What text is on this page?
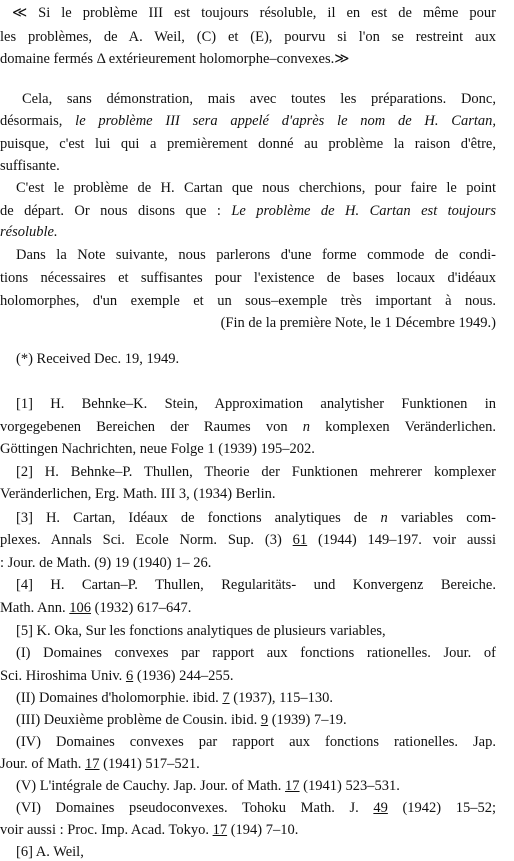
≪ Si le problème III est toujours résoluble, il en est de même pour
les problèmes, de A. Weil, (C) et (E), pourvu si l'on se restreint aux
domaine fermés Δ extérieurement holomorphe–convexes.≫
Cela, sans démonstration, mais avec toutes les préparations. Donc,
désormais, le problème III sera appelé d'après le nom de H. Cartan,
puisque, c'est lui qui a premièrement donné au problème la raison d'être,
suffisante.
C'est le problème de H. Cartan que nous cherchions, pour faire le point
de départ. Or nous disons que : Le problème de H. Cartan est toujours
résoluble.
Dans la Note suivante, nous parlerons d'une forme commode de condi-
tions nécessaires et suffisantes pour l'existence de bases locaux d'idéaux
holomorphes, d'un exemple et un sous–exemple très important à nous.
(Fin de la première Note, le 1 Décembre 1949.)
(*) Received Dec. 19, 1949.
[1] H. Behnke–K. Stein, Approximation analytisher Funktionen in
vorgegebenen Bereichen der Raumes von n komplexen Veränderlichen.
Göttingen Nachrichten, neue Folge 1 (1939) 195–202.
[2] H. Behnke–P. Thullen, Theorie der Funktionen mehrerer komplexer
Veränderlichen, Erg. Math. III 3, (1934) Berlin.
[3] H. Cartan, Idéaux de fonctions analytiques de n variables com-
plexes. Annals Sci. Ecole Norm. Sup. (3) 61 (1944) 149–197. voir aussi
: Jour. de Math. (9) 19 (1940) 1– 26.
[4] H. Cartan–P. Thullen, Regularitäts- und Konvergenz Bereiche.
Math. Ann. 106 (1932) 617–647.
[5] K. Oka, Sur les fonctions analytiques de plusieurs variables,
(I) Domaines convexes par rapport aux fonctions rationelles. Jour. of
Sci. Hiroshima Univ. 6 (1936) 244–255.
(II) Domaines d'holomorphie. ibid. 7 (1937), 115–130.
(III) Deuxième problème de Cousin. ibid. 9 (1939) 7–19.
(IV) Domaines convexes par rapport aux fonctions rationelles. Jap.
Jour. of Math. 17 (1941) 517–521.
(V) L'intégrale de Cauchy. Jap. Jour. of Math. 17 (1941) 523–531.
(VI) Domaines pseudoconvexes. Tohoku Math. J. 49 (1942) 15–52;
voir aussi : Proc. Imp. Acad. Tokyo. 17 (194) 7–10.
[6] A. Weil,
